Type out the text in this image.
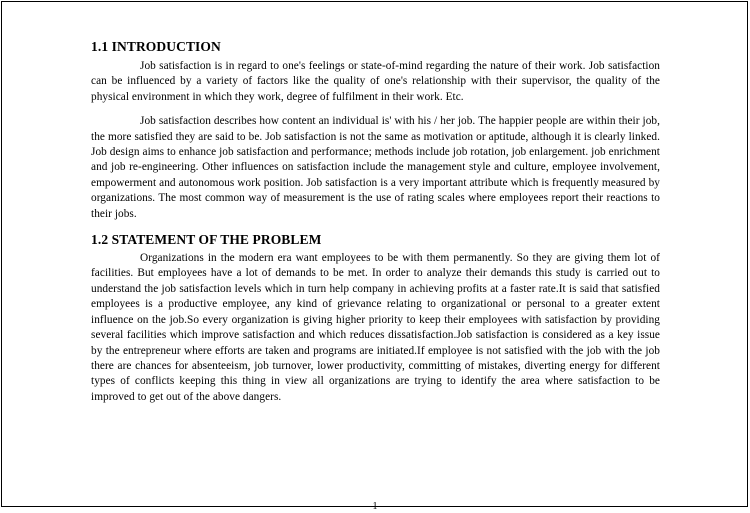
1.1 INTRODUCTION

Job satisfaction is in regard to one's feelings or state-of-mind regarding the nature of their work. Job satisfaction can be influenced by a variety of factors like the quality of one's relationship with their supervisor, the quality of the physical environment in which they work, degree of fulfilment in their work. Etc.

Job satisfaction describes how content an individual is' with his / her job. The happier people are within their job, the more satisfied they are said to be. Job satisfaction is not the same as motivation or aptitude, although it is clearly linked. Job design aims to enhance job satisfaction and performance; methods include job rotation, job enlargement. job enrichment and job re-engineering. Other influences on satisfaction include the management style and culture, employee involvement, empowerment and autonomous work position. Job satisfaction is a very important attribute which is frequently measured by organizations. The most common way of measurement is the use of rating scales where employees report their reactions to their jobs.

1.2 STATEMENT OF THE PROBLEM

Organizations in the modern era want employees to be with them permanently. So they are giving them lot of facilities. But employees have a lot of demands to be met. In order to analyze their demands this study is carried out to understand the job satisfaction levels which in turn help company in achieving profits at a faster rate.It is said that satisfied employees is a productive employee, any kind of grievance relating to organizational or personal to a greater extent influence on the job.So every organization is giving higher priority to keep their employees with satisfaction by providing several facilities which improve satisfaction and which reduces dissatisfaction.Job satisfaction is considered as a key issue by the entrepreneur where efforts are taken and programs are initiated.If employee is not satisfied with the job with the job there are chances for absenteeism, job turnover, lower productivity, committing of mistakes, diverting energy for different types of conflicts keeping this thing in view all organizations are trying to identify the area where satisfaction to be improved to get out of the above dangers.

1
